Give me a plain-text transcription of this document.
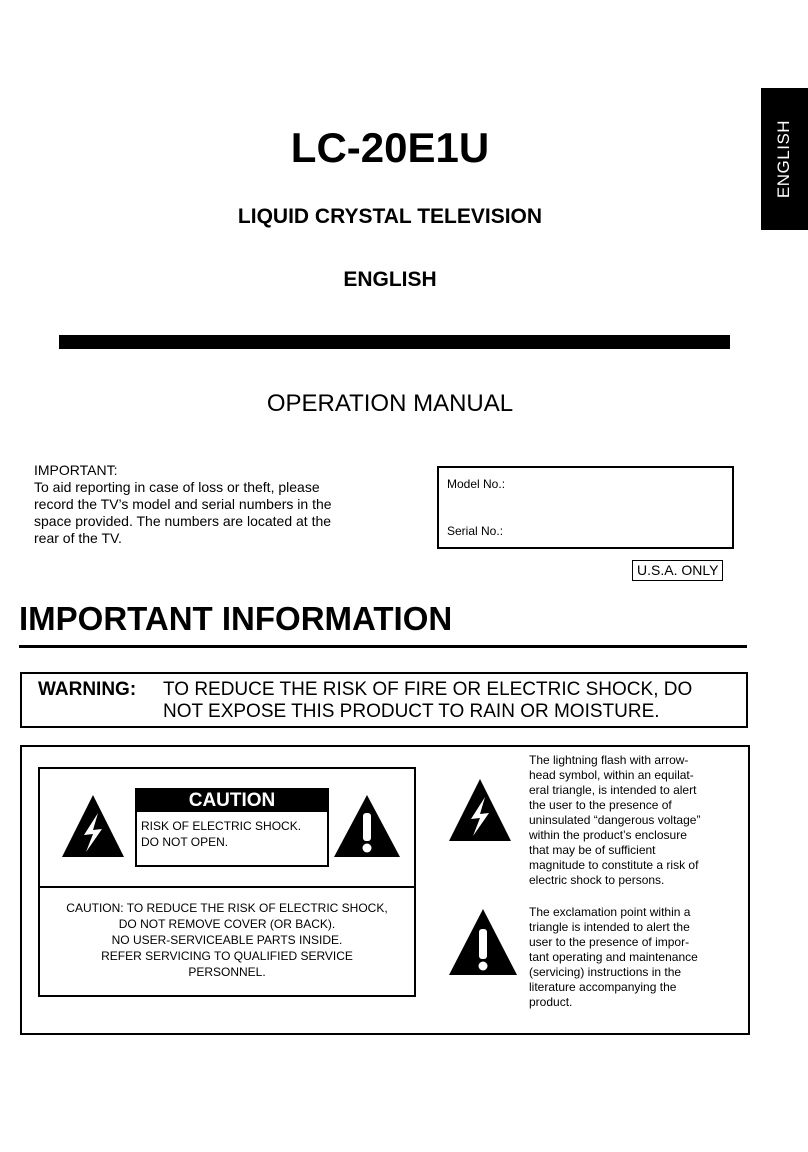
ENGLISH
LC-20E1U
LIQUID CRYSTAL TELEVISION
ENGLISH
OPERATION MANUAL
IMPORTANT:
To aid reporting in case of loss or theft, please
record the TV’s model and serial numbers in the
space provided. The numbers are located at the
rear of the TV.
Model No.:
Serial No.:
U.S.A. ONLY
IMPORTANT INFORMATION
WARNING: TO REDUCE THE RISK OF FIRE OR ELECTRIC SHOCK, DO
NOT EXPOSE THIS PRODUCT TO RAIN OR MOISTURE.
CAUTION
RISK OF ELECTRIC SHOCK.
DO NOT OPEN.
CAUTION: TO REDUCE THE RISK OF ELECTRIC SHOCK,
DO NOT REMOVE COVER (OR BACK).
NO USER-SERVICEABLE PARTS INSIDE.
REFER SERVICING TO QUALIFIED SERVICE
PERSONNEL.
The lightning flash with arrow-
head symbol, within an equilat-
eral triangle, is intended to alert
the user to the presence of
uninsulated “dangerous voltage”
within the product’s enclosure
that may be of sufficient
magnitude to constitute a risk of
electric shock to persons.
The exclamation point within a
triangle is intended to alert the
user to the presence of impor-
tant operating and maintenance
(servicing) instructions in the
literature accompanying the
product.
